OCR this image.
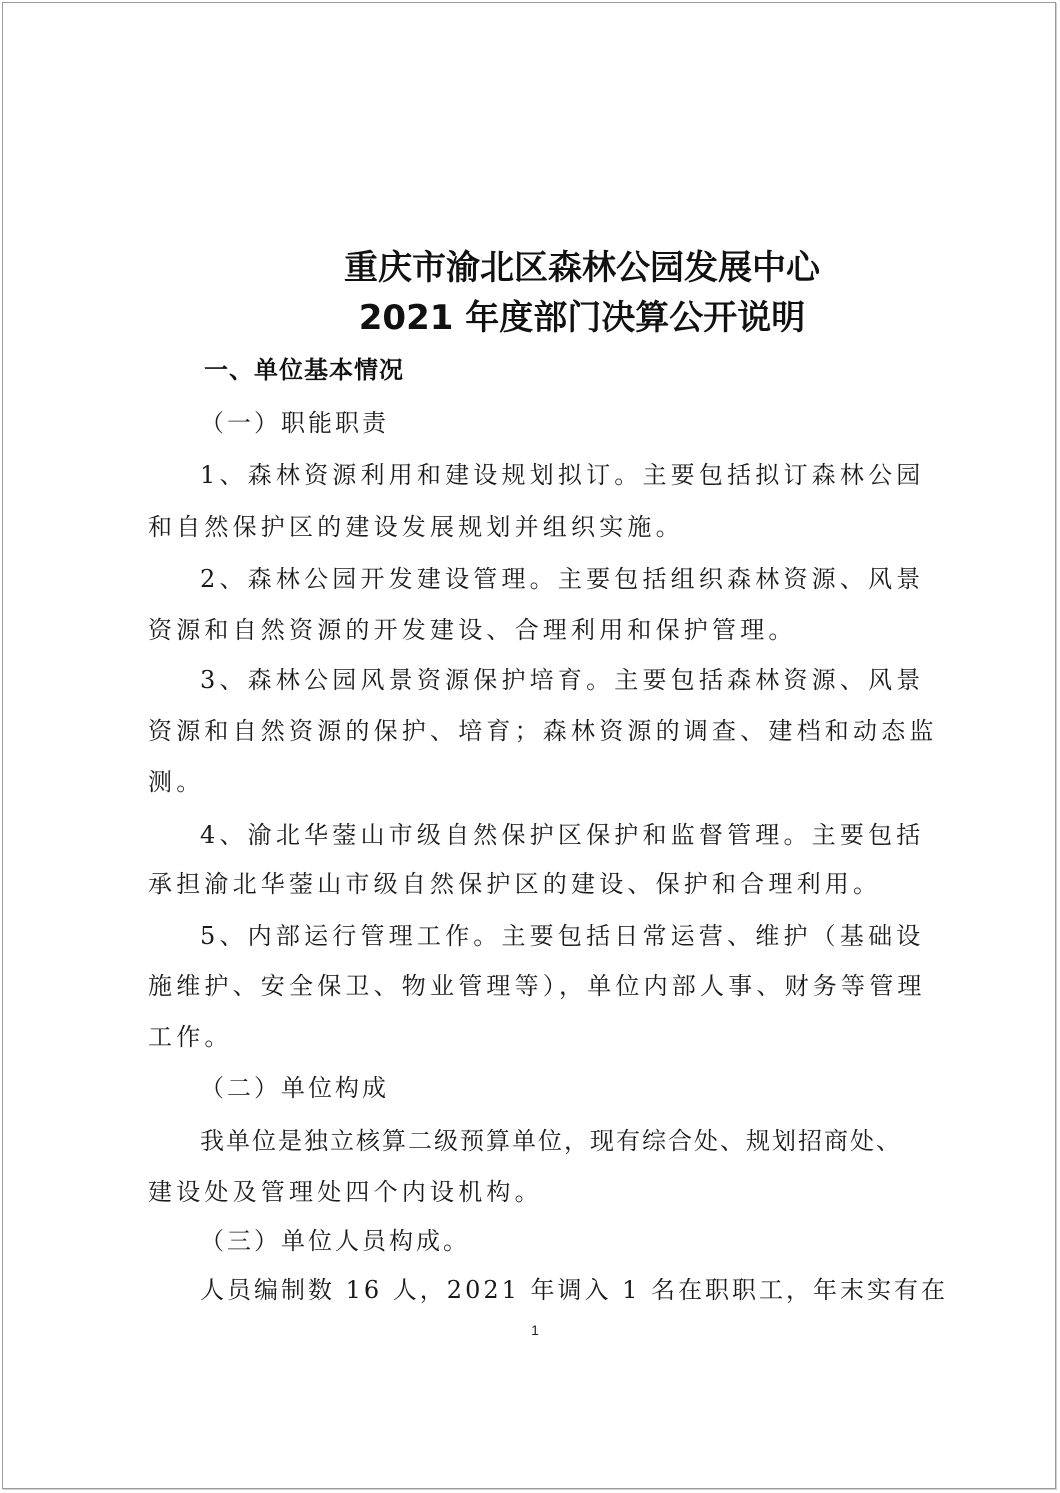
重庆市渝北区森林公园发展中心
2021 年度部门决算公开说明
一、单位基本情况
（一）职能职责
1、森林资源利用和建设规划拟订。主要包括拟订森林公园
和自然保护区的建设发展规划并组织实施。
2、森林公园开发建设管理。主要包括组织森林资源、风景
资源和自然资源的开发建设、合理利用和保护管理。
3、森林公园风景资源保护培育。主要包括森林资源、风景
资源和自然资源的保护、培育；森林资源的调查、建档和动态监
测。
4、渝北华蓥山市级自然保护区保护和监督管理。主要包括
承担渝北华蓥山市级自然保护区的建设、保护和合理利用。
5、内部运行管理工作。主要包括日常运营、维护（基础设
施维护、安全保卫、物业管理等），单位内部人事、财务等管理
工作。
（二）单位构成
我单位是独立核算二级预算单位，现有综合处、规划招商处、
建设处及管理处四个内设机构。
（三）单位人员构成。
人员编制数 16 人，2021 年调入 1 名在职职工，年末实有在
1
